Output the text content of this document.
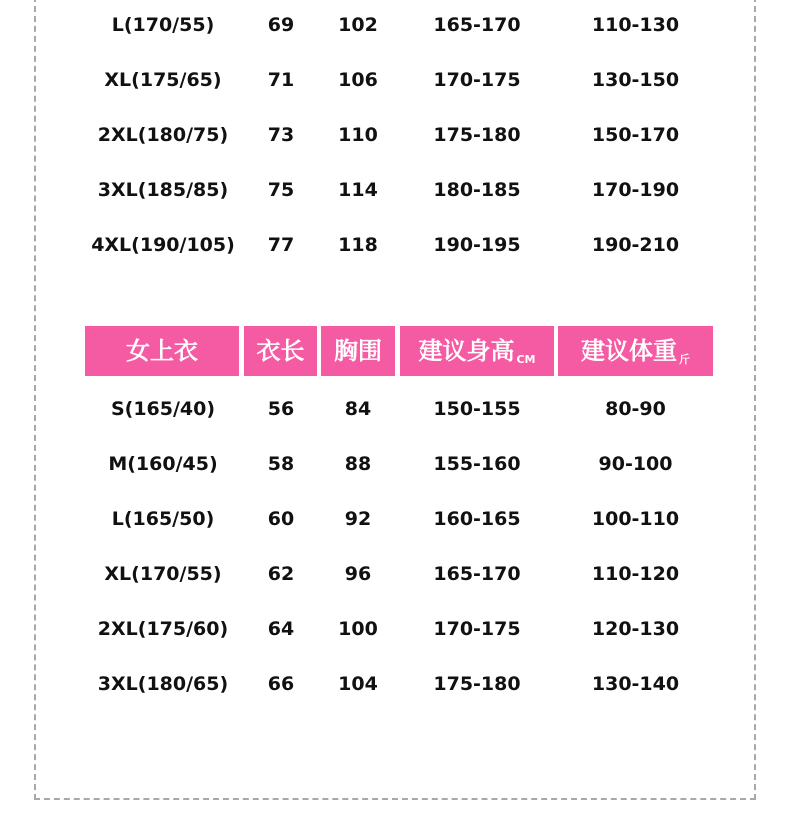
L(170/55)	69	102	165-170	110-130
XL(175/65)	71	106	170-175	130-150
2XL(180/75)	73	110	175-180	150-170
3XL(185/85)	75	114	180-185	170-190
4XL(190/105)	77	118	190-195	190-210
女上衣	衣长	胸围	建议身高 CM	建议体重 斤
S(165/40)	56	84	150-155	80-90
M(160/45)	58	88	155-160	90-100
L(165/50)	60	92	160-165	100-110
XL(170/55)	62	96	165-170	110-120
2XL(175/60)	64	100	170-175	120-130
3XL(180/65)	66	104	175-180	130-140
